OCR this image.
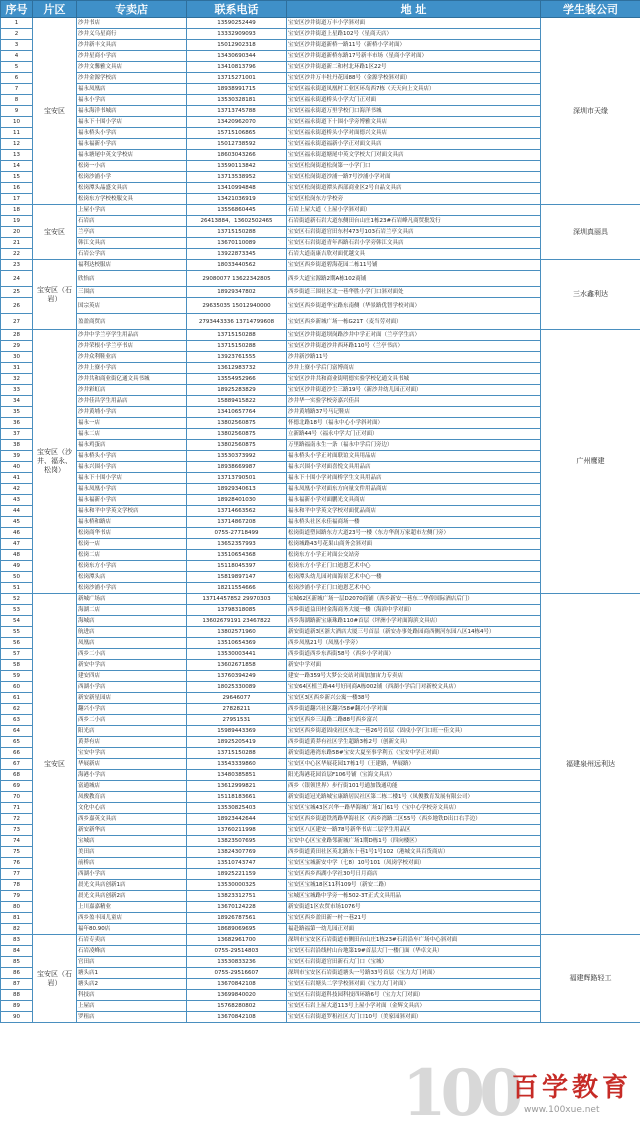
序号	片区	专卖店	联系电话	地 址	学生装公司
1	宝安区	沙井书店	13590252449	宝安区沙井街道万丰小学斜对面	深圳市天缘
2		沙井义乌星商行	13332909093	宝安区沙井街道上星路102号（星商天店）	
3		沙井新丰文具店	15012902318	宝安区沙井街道新桥一路11号（新桥小学对面）	
4		沙井星商小学店	13430690344	宝安区沙井街道新桥东路17号新丰市场（星商小学对面）	
5		沙井文馨雅文具店	13410813796	宝安区沙井街道新二和村北环路1区22号	
6		沙井金源学校店	13715271001	宝安区沙井万丰牡丹花园88号（金源学校斜对面）	
7		福永凤凰店	18938991715	宝安区福永街道凤凰村工业区环岛西7栋（天天向上文具店）	
8		福永小学店	13530328181	宝安区福永街道桥头小学大门正对面	
9		福永海洋书城店	13713745788	宝安区福永街道万里学校门口海洋书城	
10		福永下十围小学店	13420962070	宝安区福永街道下十围小学旁博雅文具店	
11		福永桥头小学店	15715106865	宝安区福永街道桥头小学对面德兴文具店	
12		福永福新小学店	15012738592	宝安区福永街道福新小学正对面文具店	
13		福永塘尾中英文学校店	18603043266	宝安区福永街道塘尾中英文学校大门对面文具店	
14		松岗一小店	13590113842	宝安区松岗街道松岗第一小学门口	
15		松岗沙浦小学	13713538952	宝安区松岗街道沙浦一路7号沙浦小学对面	
16		松岗潭头晶盛文具店	13410994848	宝安区松岗街道潭头西部商业区2号自晶文具店	
17		松岗东方学校校服文具	13421036919	宝安区松岗东方学校旁	
18	宝安区	上屋小学店	13556860445	石岩上屋大道（上屋小学斜对面）	深圳真丽具
19		石岩店	26413884，13602502465	石岩街道新石岩大道东侧田台山庄1栋23#石岩峰凡商贸批发行	
20		兰亭店	13715150288	宝安区石岩街道官田东村473号103石岩兰亭文具店	
21		韩江文具店	13670110089	宝安区石岩街道青年西路石岩小学旁韩江文具店	
22		石岩公学店	13922873345	石岩大道南康吉欣对面优越文具	
23	宝安区（石岩）	福利达校服店	18033440562	宝安区西乡街道碧海花园二栋11号铺	三水鑫利达
24		欣怡店	29080077 13622342805	西乡大道宝源路2期A栋102商铺	
25		三围店	18929347802	西乡街道三围社区北一巷华胜小学门口斜对面处	
26		国宗英店	29635035 15012940000	宝安区西乡街道华宝路东南侧（华景路优智学校对面）	
27		盈盈商贸店	2793443336 13714799608	宝安区西乡新城广场一栋G21T（麦当劳对面）	
28	宝安区（沙井、福永、松岗）	沙井中学兰亭学生用品店	13715150288	宝安区沙井街道坝岗路沙井中学正对面（兰亭学生店）	广州鹰建
29		沙井荣根小学兰亭书店	13715150288	宝安区沙井街道沙井西环路110号（兰亭书店）	
30		沙井众利鞋业店	13923761555	沙井新沙路11号	
31		沙井上寮小学店	13612983732	沙井上寮小学后门富博商店	
32		沙井共和商业街亿通文具书城	13554952966	宝安区沙井共和商业街明德实验学校亿通文具书城	
33		沙井彩虹店	18925283829	宝安区沙井街道沙尘三路19号（新沙井幼儿园正对面）	
34		沙井佳昌学生用品店	15889415822	沙井华一实验学校旁嘉兴佳昌	
35		沙井黄埔小学店	13410657764	沙井黄埔路37号马记鞋店	
36		福永一店	13802560875	怀德北路18号（福永中心小学斜对面）	
37		福永二店	13802560875	立新路44号（福永中学大门正对面）	
38		福永鸡蛋店	13802560875	万里路福南永生一条（福永中学后门旁边）	
39		福永桥头小学店	13530373992	福永桥头小学正对面联谊文具用品店	
40		福永兴围小学店	18938669987	福永兴围小学对面喜悦文具用品店	
41		福永下十围小学店	13713790501	福永下十围小学对面桥学生文具用品店	
42		福永凤凰小学店	18929340613	福永凤凰小学对面东方向量文件用品商店	
43		福永福新小学店	18928401030	福永福新小学对面鹏光文具商店	
44		福永和平中学英文学校店	13714663562	福永和平中学英文学校对面优品商店	
45		福永桥和路店	13714867208	福永桥头社区永佳福商场一楼	
46		松岗商华书店	0755-27718499	松岗街道塑园路东方大道23号一楼（东方华润万家超市左侧门旁）	
47		松岗一店	13652357993	松岗城路43号花果山商务会斜对面	
48		松岗二店	13510654368	松岗东方小学正对面公交站旁	
49		松岗东方小学店	15118045397	松岗东方小学正门口迪恩艺术中心	
50		松岗潭头店	15819897147	松岗潭头幼儿园对面海景艺术中心一楼	
51		松岗沙浦小学店	18211554666	松岗沙浦小学正门口迪恩艺术中心	
52	宝安区	新城广场店	13714457852 29970303	宝城62区新城广场一层D2070商铺（西乡新安一巷东二华侨国际酒店后门）	福建泉州远利达
53		海湖二店	13798318085	西乡街道益田村金海商务大厦一楼（海滨中学对面）	
54		海城店	13602679191 23467822	西乡海湖路新宝康珠路110#首层（坪洲小学对面海滨文具店）	
55		航进店	13802571960	新安街道新3区浙大酒店大厦三号首层（新安办事处路园商西侧河东园八区14栋4号）	
56		凤凰店	13510654369	西乡凤凰21号（凤凰小学旁）	
57		西乡二小店	13530003441	西乡街道西乡东西街58号（西乡小学对面）	
58		新安中学店	13602671858	新安中学对面	
59		建安四店	13760394249	建安一路359号大梦公交站对面加加宙力专卖店	
60		西湖小学店	18025330089	宝安64区植兰路44号好同商A栋002铺（西湖小学后门对新校文具店）	
61		新安新星园店	29646077	宝安区3区西乡新兴公寓一楼38号	
62		翻兴小学店	27828211	西乡街道翻兴社区翻兴58#翻兴小学对面	
63		西乡二小店	27951531	宝安区西乡三局路二路88号西乡富兴	
64		阳光店	15989443369	宝安区西乡街道固戍社区东北一巷26号首层（固戍小学门口旺一佳文具）	
65		黄莽有店	18925205419	西乡街道黄莽有社区学生超路3栋2号（创新文具）	
66		宝安中学店	13715150288	新安街道港湾东路58#宝安大夏至事学利五（宝安中学正对面）	
67		华展新店	13543339860	宝安区中心区华展花园17栋1号（王建路，华展路）	
68		海港小学店	13480385851	阳光海港花园首层F106号铺（宝海文具店）	
69		富通城店	13612999821	西乡（银领世界）步行街101号通加钱通功能	
70		凤俊教育店	15118183661	新安街道冠光路城宝康路居民社区第二栋二楼1号（凤俊教育发展有限公司）	
71		文化中心店	13530825403	宝安区宝城43区兴华一路华海城广场1门61号（宝中心学校旁文具店）	
72		西乡嘉英文具店	18923442644	宝安区西乡街道铁湾路华海社区（西乡湾路二区55号（西乡地铁D出口右手边）	
73		新安新华店	13760211998	宝安区八区建安一路78号新华书店二层学生用品区	
74		宝城店	13823507695	宝安中心区宝业路邻新城广场1期D栋1号（四向楼区）	
75		美田店	13824307769	西乡街道黄田社区英北路东十巷1号1号102（港城文具百货商店）	
76		前桥店	13510743747	宝安区宝城新安中学（七8）10号101（凤岗学校对面）	
77		西湖小学店	18925221159	宝安区西乡西湖小学社30号日月商店	
78		晨光文具店创新1店	13530000325	宝安区宝城18区11科109号（新安二路）	
79		晨光文具店创新2店	13823312751	宝城区宝城路中学旁一栋502-3T正式文具用品	
80		上川嘉嘉精业	13670124228	新安街道1区农贸市场1076号	
81		西乡盈丰园儿童店	18926787561	宝安区西乡盈田新一村一巷21号	
82		福年80.90店	18689069695	福赴路福第一幼儿园正对面	
83	宝安区（石岩）	石岩专卖店	13682961700	深圳市宝安区石岩街道市侧田台山庄1栋23#石岩沿车广场中心斜对面	福建辉路轻工
84		石岩凌峰店	0755-29514803	宝安区石岩沿线村山台地第19#首层大门一楼门面（华卓文具）	
85		官田店	13530833236	宝安区石岩街道官田新石大门口（宝城）	
86		塘头店1	0755-29516607	深圳市宝安区石岩街道塘头一号路33号首层（宝力大门对面）	
87		塘头店2	13670842108	宝安区石岩塘头二学学校斜对面（宝力大门对面）	
88		科技店	13699840020	宝安区石岩街道科技园科技四环路6号（宝力大门对面）	
89		上屋店	15768280802	宝安区石岩上屋大道113号上屋小学对面（金辉文具店）	
90		罗租店	13670842108	宝安区石岩街道罗租社区大门口10号（美家园斜对面）	
100
百学教育
www.100xue.net
